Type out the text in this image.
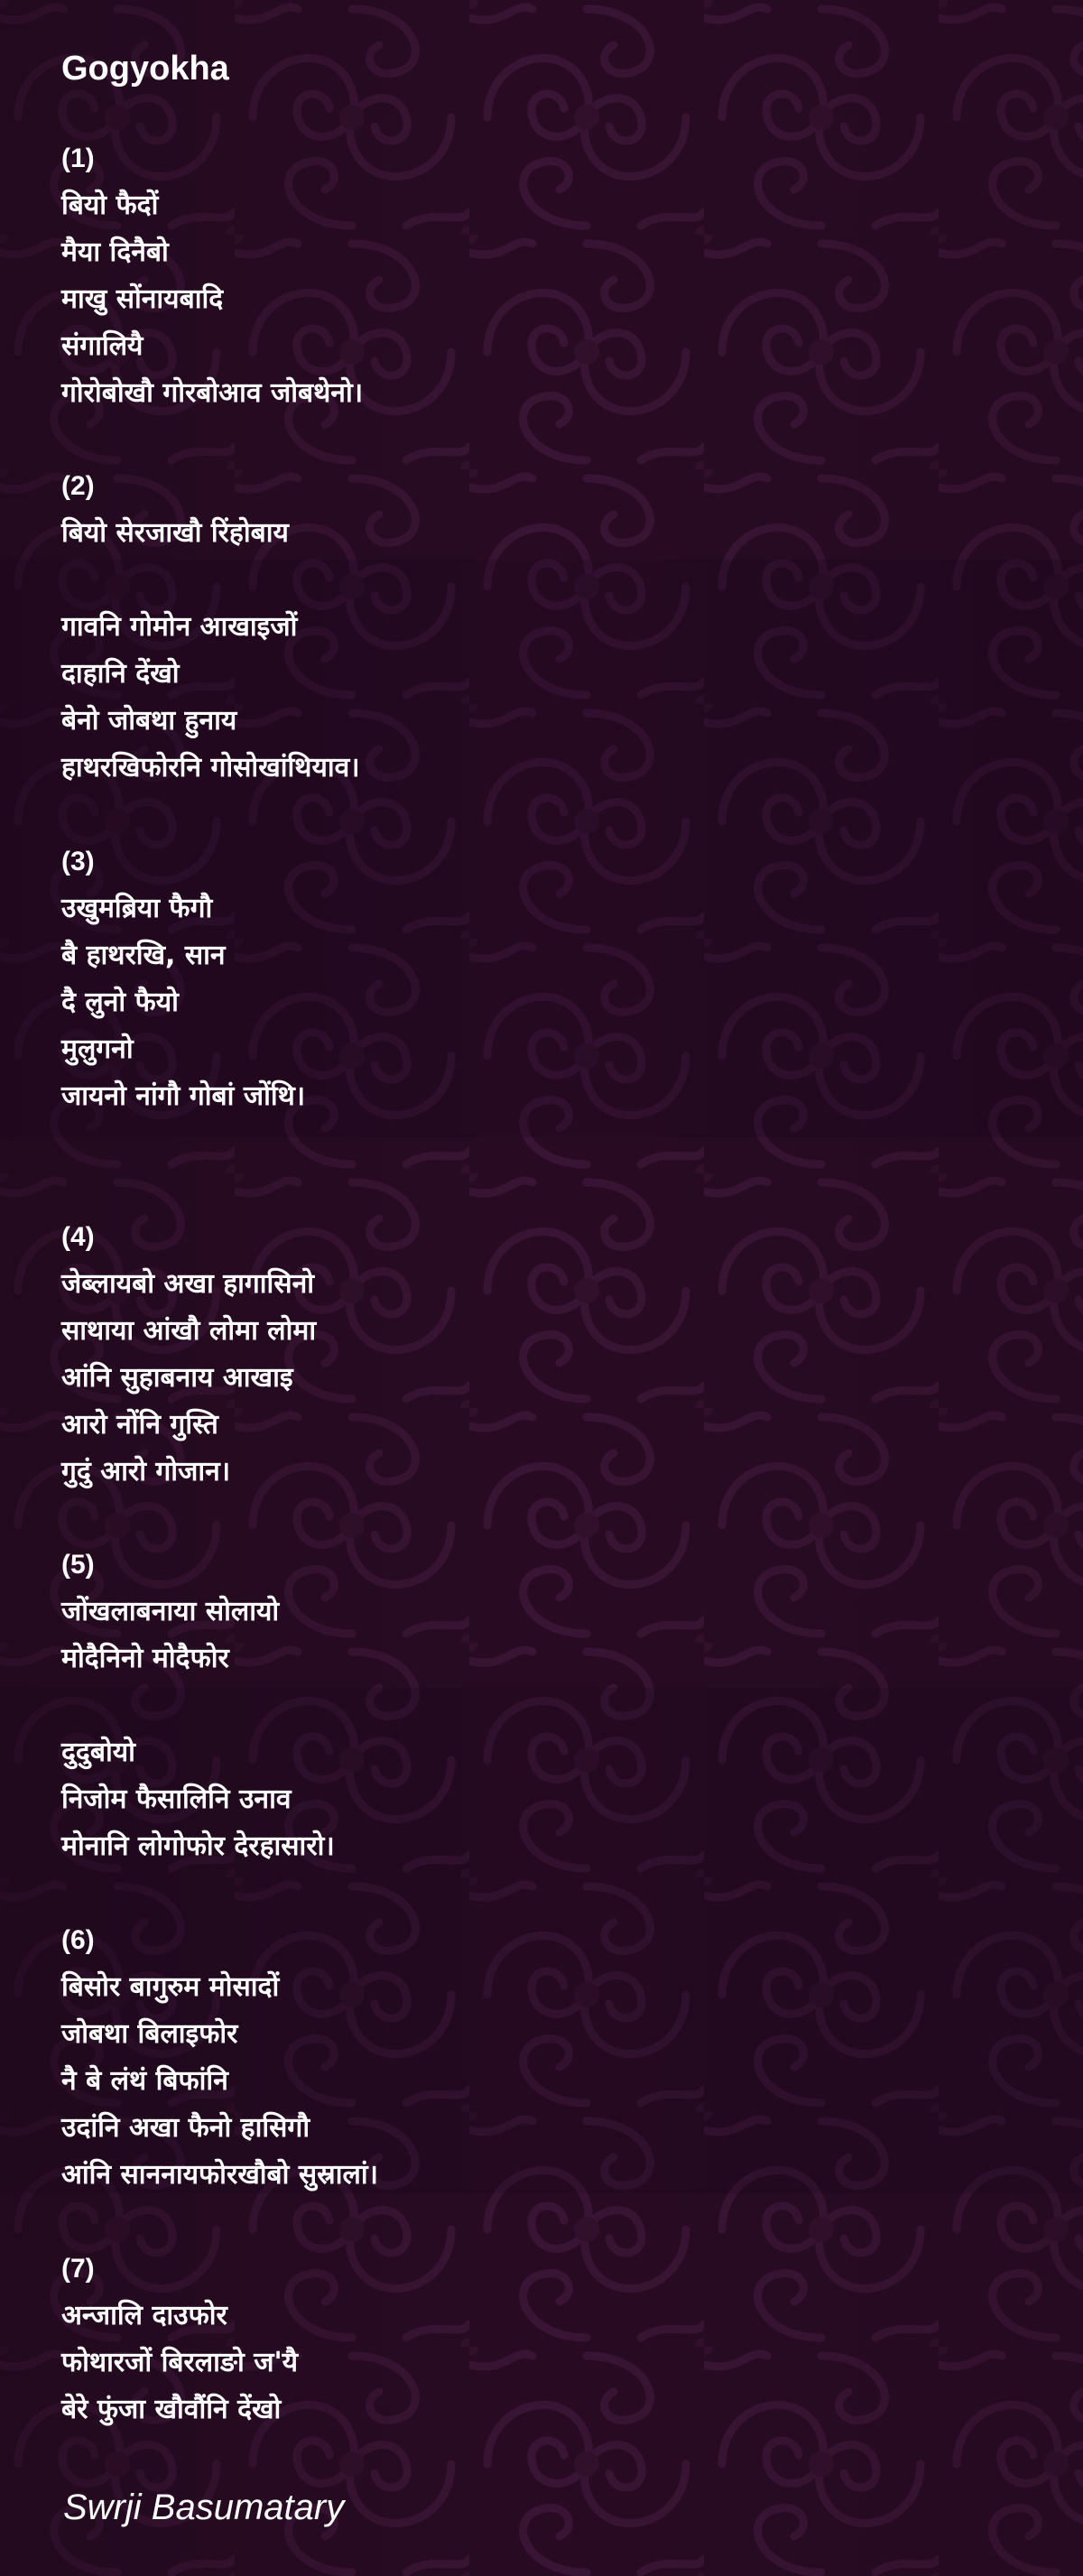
Gogyokha
(1)
बियो फैदों
मैया दिनैबो
माखु सोंनायबादि
संगालियै
गोरोबोखौ गोरबोआव जोबथेनो।
(2)
बियो सेरजाखौ रिंहोबाय
गावनि गोमोन आखाइजों
दाहानि देंखो
बेनो जोबथा हुनाय
हाथरखिफोरनि गोसोखांथियाव।
(3)
उखुमब्रिया फैगौ
बै हाथरखि, सान
दै लुनो फैयो
मुलुगनो
जायनो नांगौ गोबां जोंथि।
(4)
जेब्लायबो अखा हागासिनो
साथाया आंखौ लोमा लोमा
आंनि सुहाबनाय आखाइ
आरो नोंनि गुस्ति
गुदुं आरो गोजान।
(5)
जोंखलाबनाया सोलायो
मोदैनिनो मोदैफोर
दुदुबोयो
निजोम फैसालिनि उनाव
मोनानि लोगोफोर देरहासारो।
(6)
बिसोर बागुरुम मोसादों
जोबथा बिलाइफोर
नै बे लंथं बिफांनि
उदांनि अखा फैनो हासिगौ
आंनि साननायफोरखौबो सुस्रालां।
(7)
अन्जालि दाउफोर
फोथारजों बिरलाङो ज'यै
बेरे फुंजा खौवौंनि देंखो
Swrji Basumatary
